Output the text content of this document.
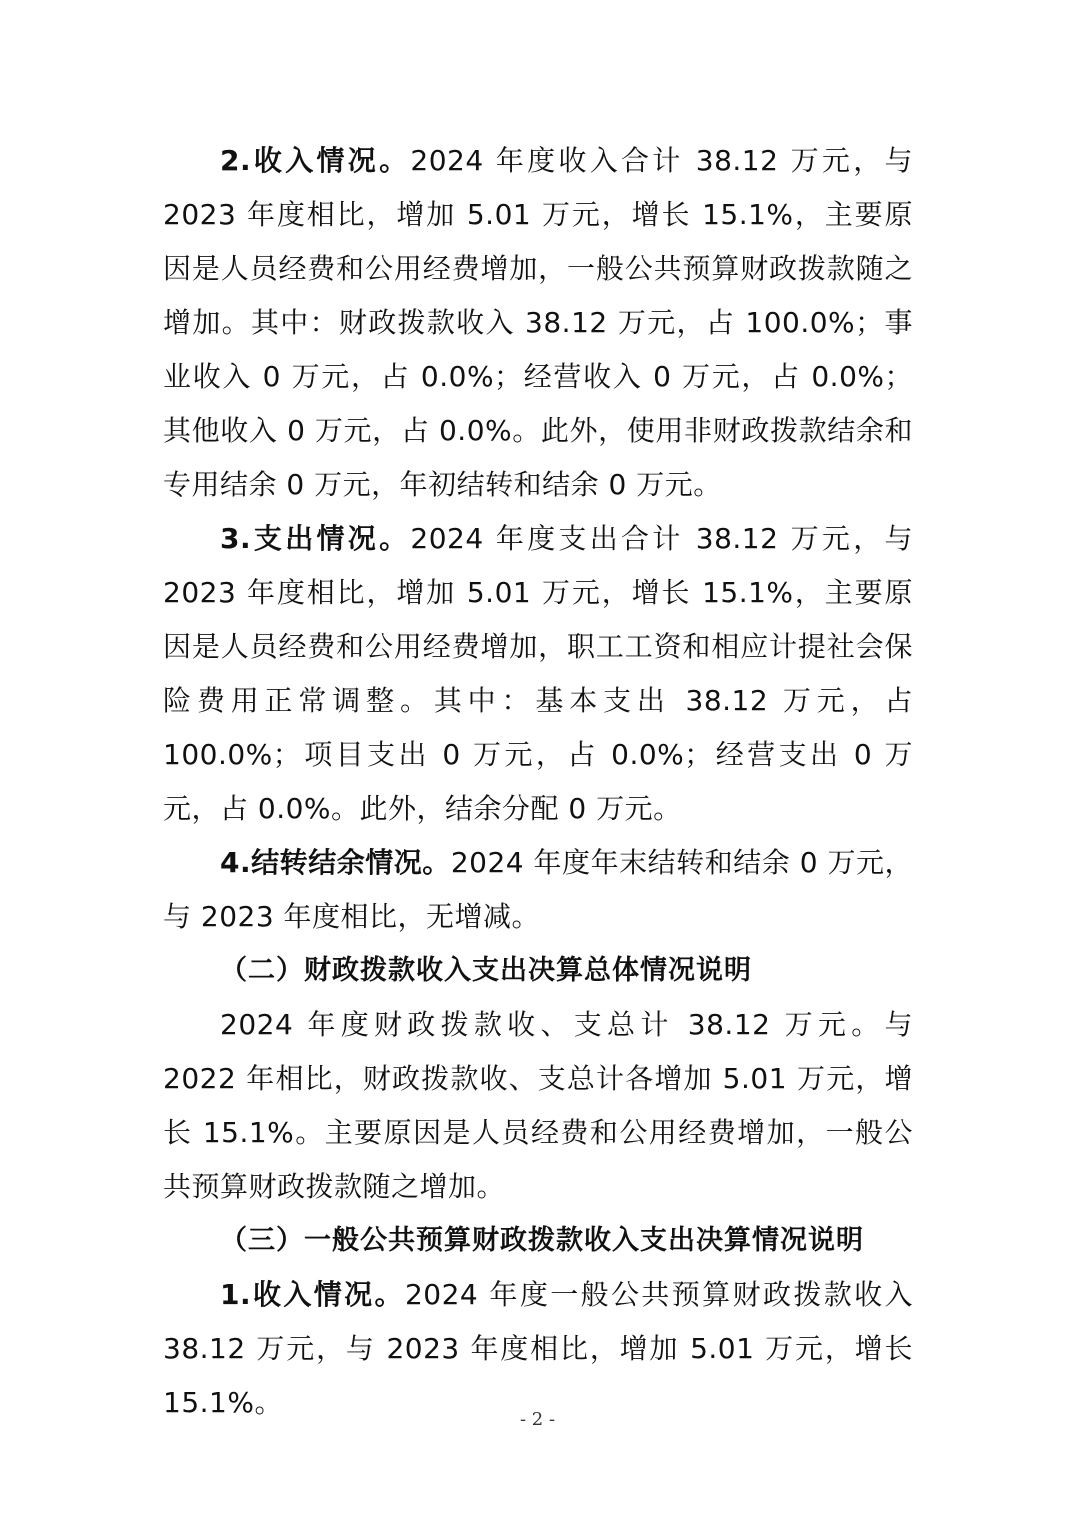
2.收入情况。2024 年度收入合计 38.12 万元，与 2023 年度相比，增加 5.01 万元，增长 15.1%，主要原因是人员经费和公用经费增加，一般公共预算财政拨款随之增加。其中：财政拨款收入 38.12 万元，占 100.0%；事业收入 0 万元，占 0.0%；经营收入 0 万元，占 0.0%；其他收入 0 万元，占 0.0%。此外，使用非财政拨款结余和专用结余 0 万元，年初结转和结余 0 万元。

3.支出情况。2024 年度支出合计 38.12 万元，与 2023 年度相比，增加 5.01 万元，增长 15.1%，主要原因是人员经费和公用经费增加，职工工资和相应计提社会保险费用正常调整。其中：基本支出 38.12 万元，占 100.0%；项目支出 0 万元，占 0.0%；经营支出 0 万元，占 0.0%。此外，结余分配 0 万元。

4.结转结余情况。2024 年度年末结转和结余 0 万元，与 2023 年度相比，无增减。

（二）财政拨款收入支出决算总体情况说明

2024 年度财政拨款收、支总计 38.12 万元。与 2022 年相比，财政拨款收、支总计各增加 5.01 万元，增长 15.1%。主要原因是人员经费和公用经费增加，一般公共预算财政拨款随之增加。

（三）一般公共预算财政拨款收入支出决算情况说明

1.收入情况。2024 年度一般公共预算财政拨款收入 38.12 万元，与 2023 年度相比，增加 5.01 万元，增长 15.1%。

- 2 -
